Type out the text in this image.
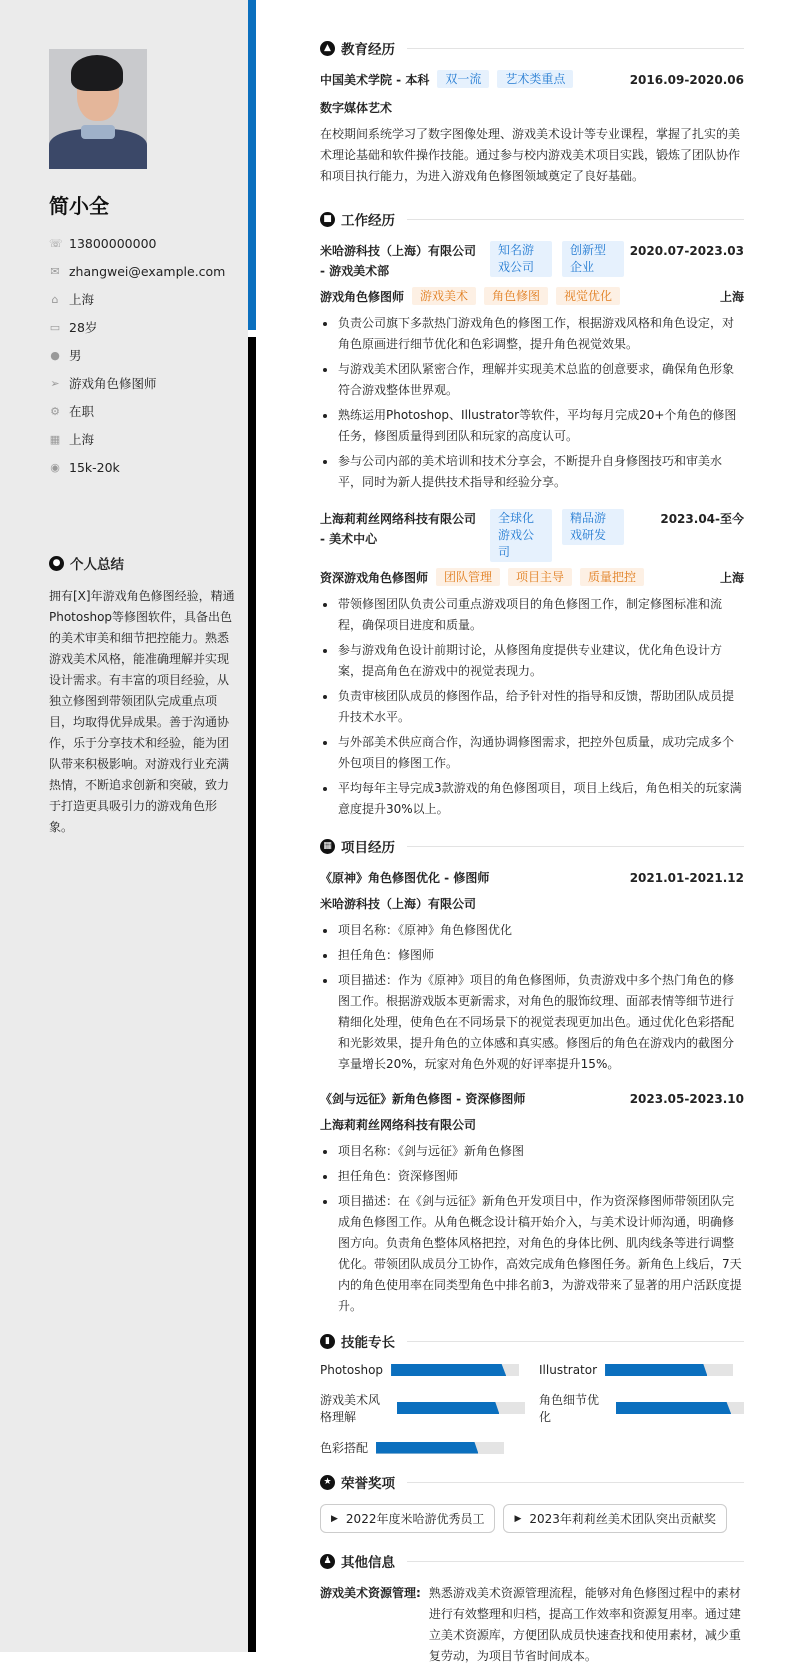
简小全
☏ 13800000000
✉ zhangwei@example.com
⌂ 上海
▭ 28岁
● 男
➢ 游戏角色修图师
⚙ 在职
▦ 上海
◉ 15k-20k
● 个人总结
拥有[X]年游戏角色修图经验，精通Photoshop等修图软件，具备出色的美术审美和细节把控能力。熟悉游戏美术风格，能准确理解并实现设计需求。有丰富的项目经验，从独立修图到带领团队完成重点项目，均取得优异成果。善于沟通协作，乐于分享技术和经验，能为团队带来积极影响。对游戏行业充满热情，不断追求创新和突破，致力于打造更具吸引力的游戏角色形象。
▲ 教育经历
中国美术学院 - 本科	双一流	艺术类重点	2016.09-2020.06
数字媒体艺术

在校期间系统学习了数字图像处理、游戏美术设计等专业课程，掌握了扎实的美术理论基础和软件操作技能。通过参与校内游戏美术项目实践，锻炼了团队协作和项目执行能力，为进入游戏角色修图领域奠定了良好基础。

■ 工作经历
米哈游科技（上海）有限公司 - 游戏美术部
知名游戏公司
创新型企业
2020.07-2023.03
游戏角色修图师	游戏美术	角色修图	视觉优化	上海
负责公司旗下多款热门游戏角色的修图工作，根据游戏风格和角色设定，对角色原画进行细节优化和色彩调整，提升角色视觉效果。
与游戏美术团队紧密合作，理解并实现美术总监的创意要求，确保角色形象符合游戏整体世界观。
熟练运用Photoshop、Illustrator等软件，平均每月完成20+个角色的修图任务，修图质量得到团队和玩家的高度认可。
参与公司内部的美术培训和技术分享会，不断提升自身修图技巧和审美水平，同时为新人提供技术指导和经验分享。
上海莉莉丝网络科技有限公司 - 美术中心
全球化游戏公司
精品游戏研发
2023.04-至今
资深游戏角色修图师	团队管理	项目主导	质量把控	上海
带领修图团队负责公司重点游戏项目的角色修图工作，制定修图标准和流程，确保项目进度和质量。
参与游戏角色设计前期讨论，从修图角度提供专业建议，优化角色设计方案，提高角色在游戏中的视觉表现力。
负责审核团队成员的修图作品，给予针对性的指导和反馈，帮助团队成员提升技术水平。
与外部美术供应商合作，沟通协调修图需求，把控外包质量，成功完成多个外包项目的修图工作。
平均每年主导完成3款游戏的角色修图项目，项目上线后，角色相关的玩家满意度提升30%以上。
▦ 项目经历
《原神》角色修图优化 - 修图师	2021.01-2021.12
米哈游科技（上海）有限公司
项目名称：《原神》角色修图优化
担任角色：修图师
项目描述：作为《原神》项目的角色修图师，负责游戏中多个热门角色的修图工作。根据游戏版本更新需求，对角色的服饰纹理、面部表情等细节进行精细化处理，使角色在不同场景下的视觉表现更加出色。通过优化色彩搭配和光影效果，提升角色的立体感和真实感。修图后的角色在游戏内的截图分享量增长20%，玩家对角色外观的好评率提升15%。
《剑与远征》新角色修图 - 资深修图师	2023.05-2023.10
上海莉莉丝网络科技有限公司
项目名称：《剑与远征》新角色修图
担任角色：资深修图师
项目描述：在《剑与远征》新角色开发项目中，作为资深修图师带领团队完成角色修图工作。从角色概念设计稿开始介入，与美术设计师沟通，明确修图方向。负责角色整体风格把控，对角色的身体比例、肌肉线条等进行调整优化。带领团队成员分工协作，高效完成角色修图任务。新角色上线后，7天内的角色使用率在同类型角色中排名前3，为游戏带来了显著的用户活跃度提升。
▮ 技能专长
Photoshop	Illustrator
游戏美术风格理解
角色细节优化
色彩搭配
★ 荣誉奖项
▶ 2022年度米哈游优秀员工	▶ 2023年莉莉丝美术团队突出贡献奖
♟ 其他信息
游戏美术资源管理: 熟悉游戏美术资源管理流程，能够对角色修图过程中的素材进行有效整理和归档，提高工作效率和资源复用率。通过建立美术资源库，方便团队成员快速查找和使用素材，减少重复劳动，为项目节省时间成本。
